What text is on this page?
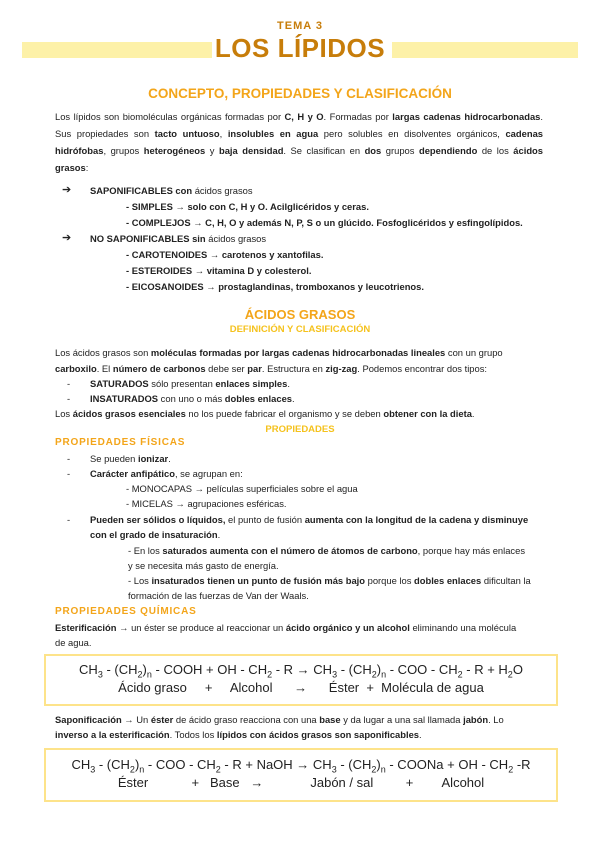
TEMA 3
LOS LÍPIDOS
CONCEPTO, PROPIEDADES Y CLASIFICACIÓN
Los lípidos son biomoléculas orgánicas formadas por C, H y O. Formadas por largas cadenas hidrocarbonadas. Sus propiedades son tacto untuoso, insolubles en agua pero solubles en disolventes orgánicos, cadenas hidrófobas, grupos heterogéneos y baja densidad. Se clasifican en dos grupos dependiendo de los ácidos grasos:
➔ SAPONIFICABLES con ácidos grasos
- SIMPLES → solo con C, H y O. Acilglicéridos y ceras.
- COMPLEJOS → C, H, O y además N, P, S o un glúcido. Fosfoglicéridos y esfingolípidos.
➔ NO SAPONIFICABLES sin ácidos grasos
- CAROTENOIDES → carotenos y xantofilas.
- ESTEROIDES → vitamina D y colesterol.
- EICOSANOIDES → prostaglandinas, tromboxanos y leucotrienos.
ÁCIDOS GRASOS
DEFINICIÓN Y CLASIFICACIÓN
Los ácidos grasos son moléculas formadas por largas cadenas hidrocarbonadas lineales con un grupo
carboxilo. El número de carbonos debe ser par. Estructura en zig-zag. Podemos encontrar dos tipos:
- SATURADOS sólo presentan enlaces simples.
- INSATURADOS con uno o más dobles enlaces.
Los ácidos grasos esenciales no los puede fabricar el organismo y se deben obtener con la dieta.
PROPIEDADES
PROPIEDADES FÍSICAS
- Se pueden ionizar.
- Carácter anfipático, se agrupan en:
- MONOCAPAS → películas superficiales sobre el agua
- MICELAS → agrupaciones esféricas.
- Pueden ser sólidos o líquidos, el punto de fusión aumenta con la longitud de la cadena y disminuye
con el grado de insaturación.
- En los saturados aumenta con el número de átomos de carbono, porque hay más enlaces
y se necesita más gasto de energía.
- Los insaturados tienen un punto de fusión más bajo porque los dobles enlaces dificultan la
formación de las fuerzas de Van der Waals.
PROPIEDADES QUÍMICAS
Esterificación → un éster se produce al reaccionar un ácido orgánico y un alcohol eliminando una molécula
de agua.
$CH_3 - (CH_2)_n$ - COOH + OH - $CH_2 - R \to CH_3 - (CH_2)_n$ - COO - $CH_2 - R + H_2O$
Ácido graso     +     Alcohol      →      Éster  +  Molécula de agua
Saponificación → Un éster de ácido graso reacciona con una base y da lugar a una sal llamada jabón. Lo
inverso a la esterificación. Todos los lípidos con ácidos grasos son saponificables.
$CH_3 - (CH_2)_n$ - COO - $CH_2$ - R + NaOH → $CH_3 - (CH_2)_n$ - COONa + OH - $CH_2$ -R
Éster            +   Base   →             Jabón / sal         +        Alcohol
